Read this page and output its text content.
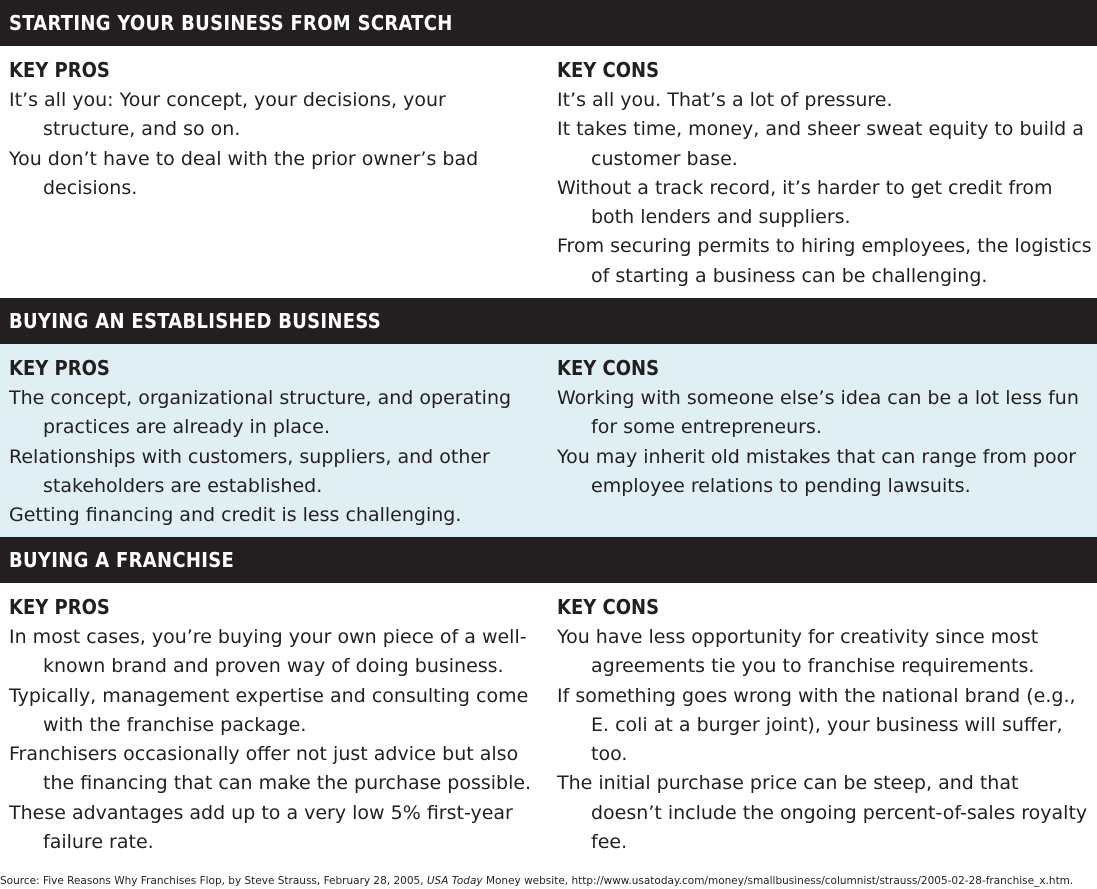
STARTING YOUR BUSINESS FROM SCRATCH
KEY PROS
It’s all you: Your concept, your decisions, your structure, and so on.
You don’t have to deal with the prior owner’s bad decisions.
KEY CONS
It’s all you. That’s a lot of pressure.
It takes time, money, and sheer sweat equity to build a customer base.
Without a track record, it’s harder to get credit from both lenders and suppliers.
From securing permits to hiring employees, the logistics of starting a business can be challenging.
BUYING AN ESTABLISHED BUSINESS
KEY PROS
The concept, organizational structure, and operating practices are already in place.
Relationships with customers, suppliers, and other stakeholders are established.
Getting financing and credit is less challenging.
KEY CONS
Working with someone else’s idea can be a lot less fun for some entrepreneurs.
You may inherit old mistakes that can range from poor employee relations to pending lawsuits.
BUYING A FRANCHISE
KEY PROS
In most cases, you’re buying your own piece of a well-known brand and proven way of doing business.
Typically, management expertise and consulting come with the franchise package.
Franchisers occasionally offer not just advice but also the financing that can make the purchase possible.
These advantages add up to a very low 5% first-year failure rate.
KEY CONS
You have less opportunity for creativity since most agreements tie you to franchise requirements.
If something goes wrong with the national brand (e.g., E. coli at a burger joint), your business will suffer, too.
The initial purchase price can be steep, and that doesn’t include the ongoing percent-of-sales royalty fee.
Source: Five Reasons Why Franchises Flop, by Steve Strauss, February 28, 2005, USA Today Money website, http://www.usatoday.com/money/smallbusiness/columnist/strauss/2005-02-28-franchise_x.htm.
